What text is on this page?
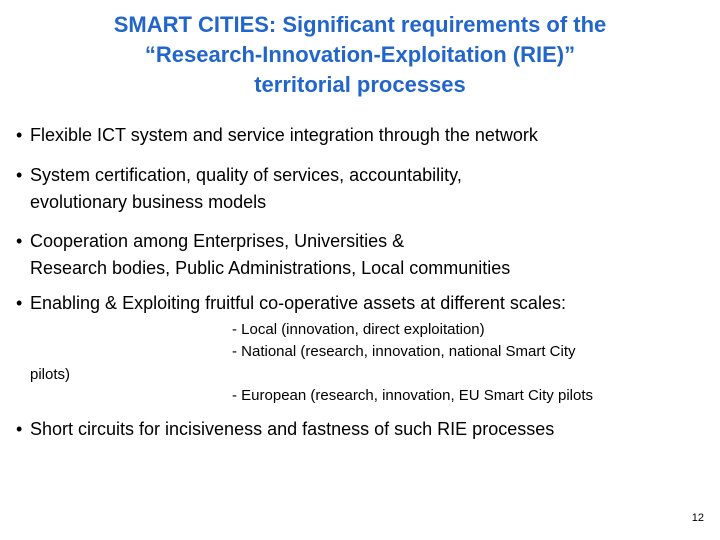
SMART CITIES: Significant requirements of the
“Research-Innovation-Exploitation (RIE)”
territorial processes
• Flexible ICT system and service integration through the network
• System certification, quality of services, accountability,
evolutionary business models
• Cooperation among Enterprises, Universities &
Research bodies, Public Administrations, Local communities
• Enabling & Exploiting fruitful co-operative assets at different scales:
- Local (innovation, direct exploitation)
- National (research, innovation, national Smart City
pilots)
- European (research, innovation, EU Smart City pilots
• Short circuits for incisiveness and fastness of such RIE processes
12
